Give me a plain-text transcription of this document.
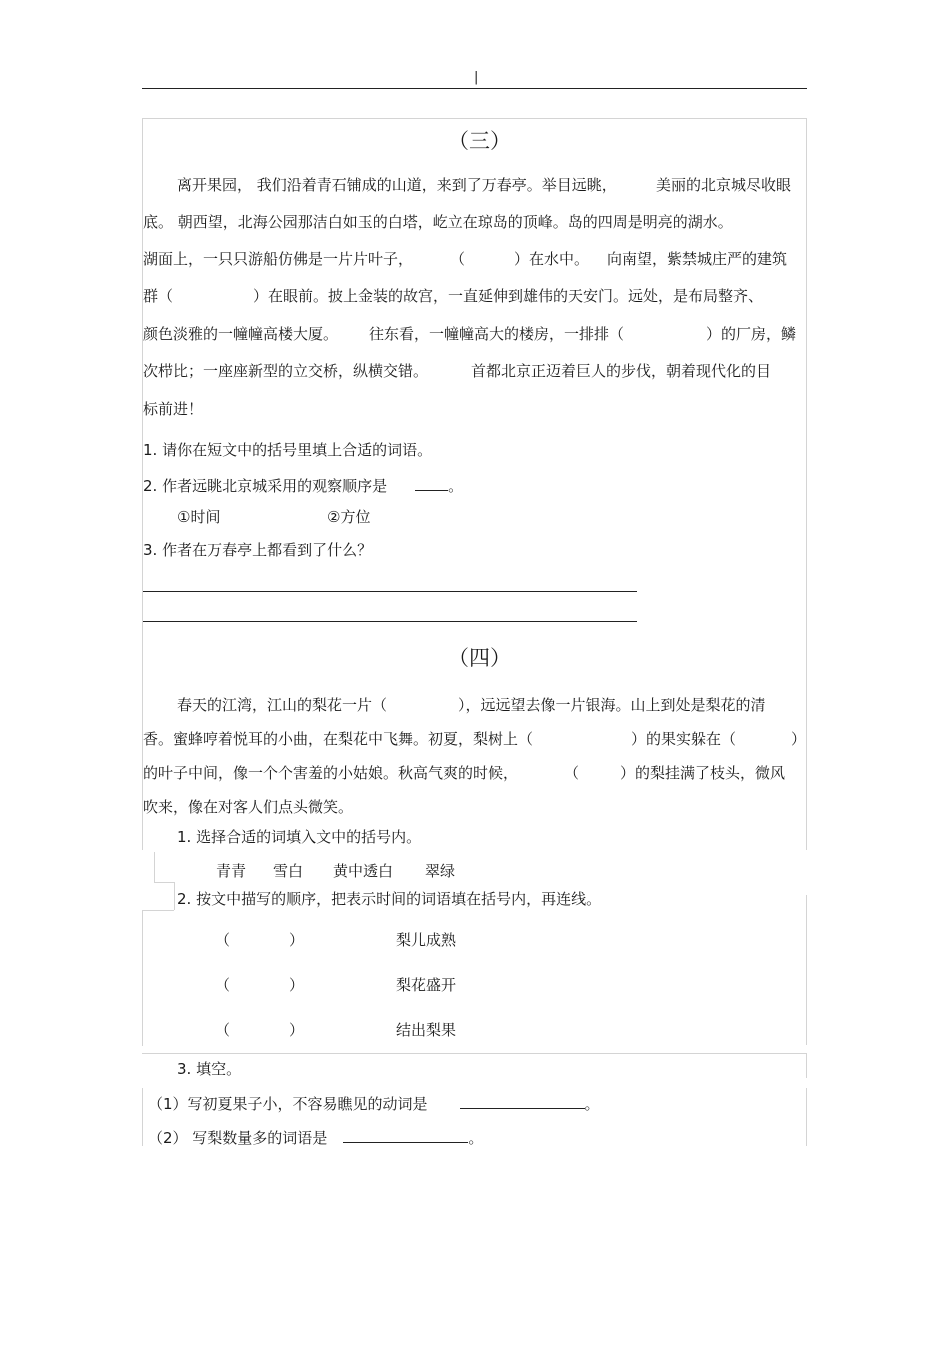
|
（三）
离开果园， 我们沿着青石铺成的山道，来到了万春亭。举目远眺，	美丽的北京城尽收眼
底。 朝西望，北海公园那洁白如玉的白塔，屹立在琼岛的顶峰。岛的四周是明亮的湖水。
湖面上，一只只游船仿佛是一片片叶子， （	）在水中。 向南望，紫禁城庄严的建筑
群（	）在眼前。披上金装的故宫，一直延伸到雄伟的天安门。远处，是布局整齐、
颜色淡雅的一幢幢高楼大厦。 往东看，一幢幢高大的楼房，一排排（	）的厂房，鳞
次栉比；一座座新型的立交桥，纵横交错。	首都北京正迈着巨人的步伐，朝着现代化的目
标前进！
1. 请你在短文中的括号里填上合适的词语。
2. 作者远眺北京城采用的观察顺序是	。
①时间	②方位
3. 作者在万春亭上都看到了什么？
（四）
春天的江湾，江山的梨花一片（	），远远望去像一片银海。山上到处是梨花的清
香。蜜蜂哼着悦耳的小曲，在梨花中飞舞。初夏，梨树上（	）的果实躲在（	）
的叶子中间，像一个个害羞的小姑娘。秋高气爽的时候，	（	）的梨挂满了枝头，微风
吹来，像在对客人们点头微笑。
1. 选择合适的词填入文中的括号内。
青青 雪白 黄中透白 翠绿
2. 按文中描写的顺序，把表示时间的词语填在括号内，再连线。
（	）	梨儿成熟
（	）	梨花盛开
（	）	结出梨果
3. 填空。
（1）写初夏果子小，不容易瞧见的动词是	。
（2） 写梨数量多的词语是	。
